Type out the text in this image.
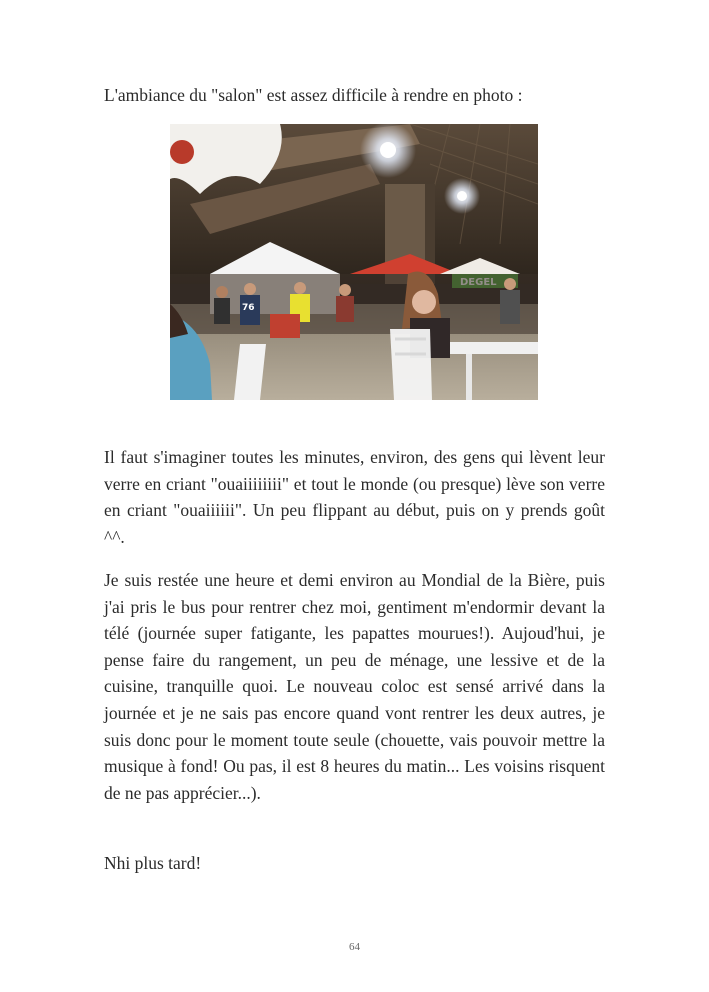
L'ambiance du "salon" est assez difficile à rendre en photo :
76

Il faut s'imaginer toutes les minutes, environ, des gens qui lèvent leur verre en criant "ouaiiiiiiii" et tout le monde (ou presque) lève son verre en criant "ouaiiiiii". Un peu flippant au début, puis on y prends goût ^^.

Je suis restée une heure et demi environ au Mondial de la Bière, puis j'ai pris le bus pour rentrer chez moi, gentiment m'endormir devant la télé (journée super fatigante, les papattes mourues!). Aujoud'hui, je pense faire du rangement, un peu de ménage, une lessive et de la cuisine, tranquille quoi. Le nouveau coloc est sensé arrivé dans la journée et je ne sais pas encore quand vont rentrer les deux autres, je suis donc pour le moment toute seule (chouette, vais pouvoir mettre la musique à fond! Ou pas, il est 8 heures du matin... Les voisins risquent de ne pas apprécier...).

Nhi plus tard!

64
